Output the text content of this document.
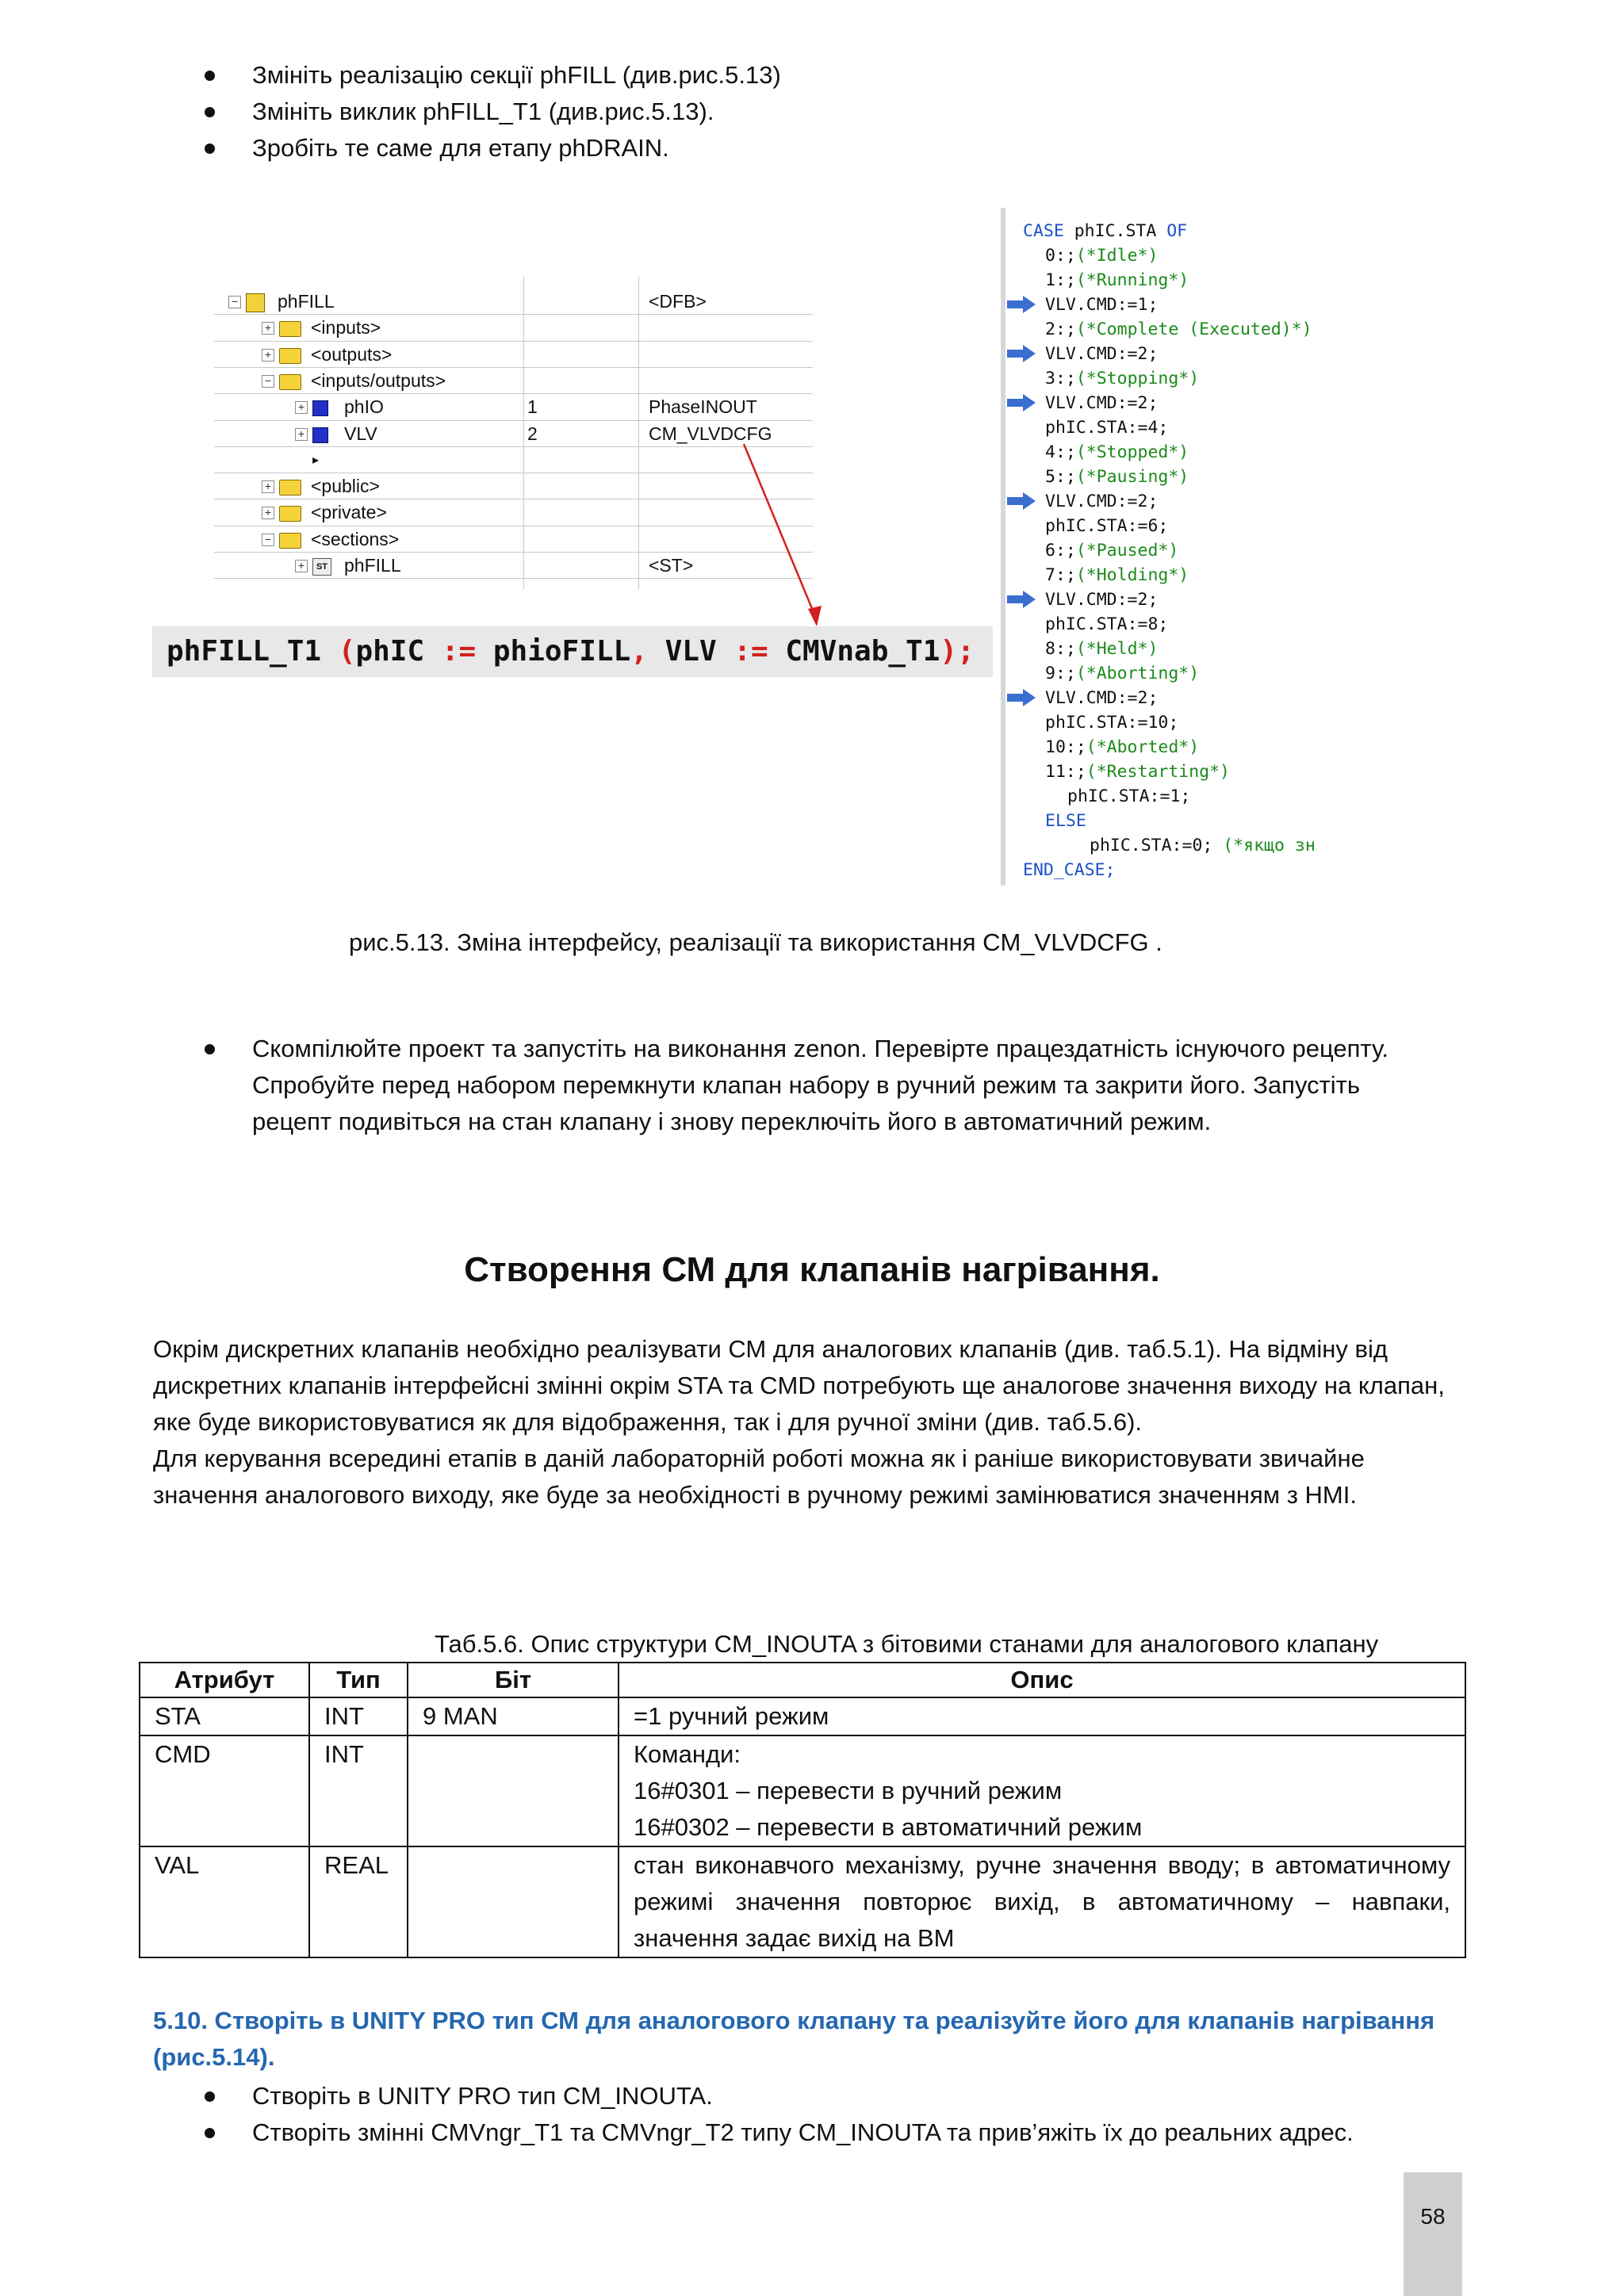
Змініть реалізацію секції phFILL (див.рис.5.13)
Змініть виклик phFILL_T1 (див.рис.5.13).
Зробіть те саме для етапу phDRAIN.
− phFILL	<DFB>
+ <inputs>
+ <outputs>
− <inputs/outputs>
+ phIO	1	PhaseINOUT
+ VLV	2	CM_VLVDCFG
▸
+ <public>
+ <private>
− <sections>
+	ST phFILL	<ST>
phFILL_T1 (phIC := phioFILL, VLV := CMVnab_T1);
CASE phIC.STA OF
0:;(*Idle*)
1:;(*Running*)
VLV.CMD:=1;
2:;(*Complete (Executed)*)
VLV.CMD:=2;
3:;(*Stopping*)
VLV.CMD:=2;
phIC.STA:=4;
4:;(*Stopped*)
5:;(*Pausing*)
VLV.CMD:=2;
phIC.STA:=6;
6:;(*Paused*)
7:;(*Holding*)
VLV.CMD:=2;
phIC.STA:=8;
8:;(*Held*)
9:;(*Aborting*)
VLV.CMD:=2;
phIC.STA:=10;
10:;(*Aborted*)
11:;(*Restarting*)
phIC.STA:=1;
ELSE
phIC.STA:=0; (*якщо зн
END_CASE;
рис.5.13. Зміна інтерфейсу, реалізації та використання CM_VLVDCFG .
Скомпілюйте проект та запустіть на виконання zenon. Перевірте працездатність існуючого рецепту. Спробуйте перед набором перемкнути клапан набору в ручний режим та закрити його. Запустіть рецепт подивіться на стан клапану і знову переключіть його в автоматичний режим.
Створення СМ для клапанів нагрівання.
Окрім дискретних клапанів необхідно реалізувати СМ для аналогових клапанів (див. таб.5.1). На відміну від дискретних клапанів інтерфейсні змінні окрім STA та CMD потребують ще аналогове значення виходу на клапан, яке буде використовуватися як для відображення, так і для ручної зміни (див. таб.5.6).
Для керування всередині етапів в даній лабораторній роботі можна як і раніше використовувати звичайне значення аналогового виходу, яке буде за необхідності в ручному режимі замінюватися значенням з HMI.
Таб.5.6. Опис структури CM_INOUTA з бітовими станами для аналогового клапану
Атрибут	Тип	Біт	Опис
STA	INT	9 MAN	=1 ручний режим

CMD	INT		Команди:
16#0301 – перевести в ручний режим
16#0302 – перевести в автоматичний режим

VAL	REAL		стан виконавчого механізму, ручне значення вводу; в автоматичному режимі значення повторює вихід, в автоматичному – навпаки, значення задає вихід на ВМ
5.10. Створіть в UNITY PRO тип СМ для аналогового клапану та реалізуйте його для клапанів нагрівання (рис.5.14).
Створіть в UNITY PRO тип CM_INOUTA.
Створіть змінні CMVngr_T1 та CMVngr_T2 типу CM_INOUTA та прив’яжіть їх до реальних адрес.
58
